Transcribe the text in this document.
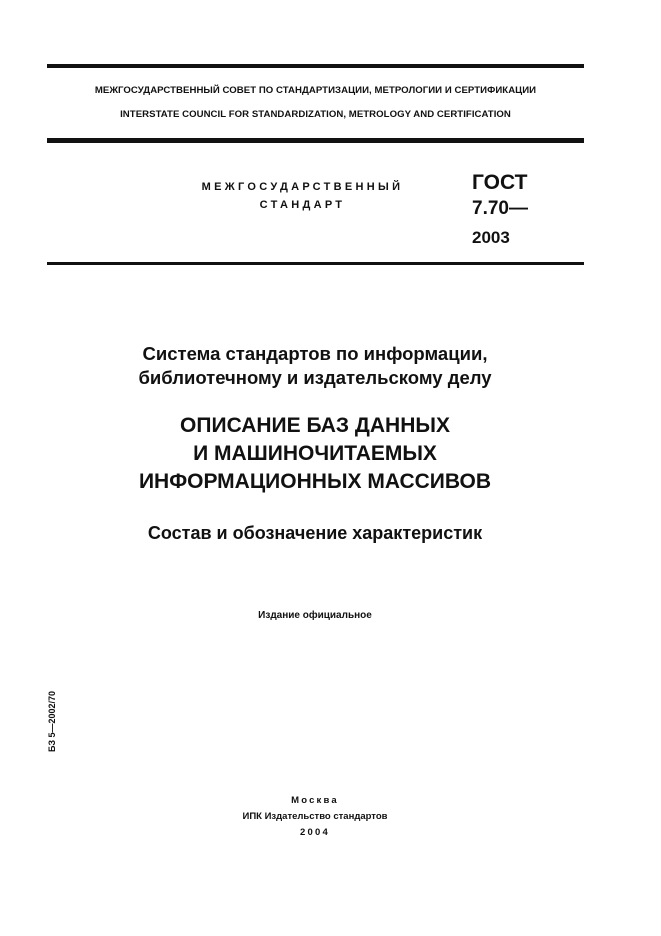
МЕЖГОСУДАРСТВЕННЫЙ СОВЕТ ПО СТАНДАРТИЗАЦИИ, МЕТРОЛОГИИ И СЕРТИФИКАЦИИ
INTERSTATE COUNCIL FOR STANDARDIZATION, METROLOGY AND CERTIFICATION
МЕЖГОСУДАРСТВЕННЫЙ
СТАНДАРТ
ГОСТ
7.70—
2003
Система стандартов по информации,
библиотечному и издательскому делу
ОПИСАНИЕ БАЗ ДАННЫХ
И МАШИНОЧИТАЕМЫХ
ИНФОРМАЦИОННЫХ МАССИВОВ
Состав и обозначение характеристик
Издание официальное
БЗ 5—2002/70
Москва
ИПК Издательство стандартов
2004
